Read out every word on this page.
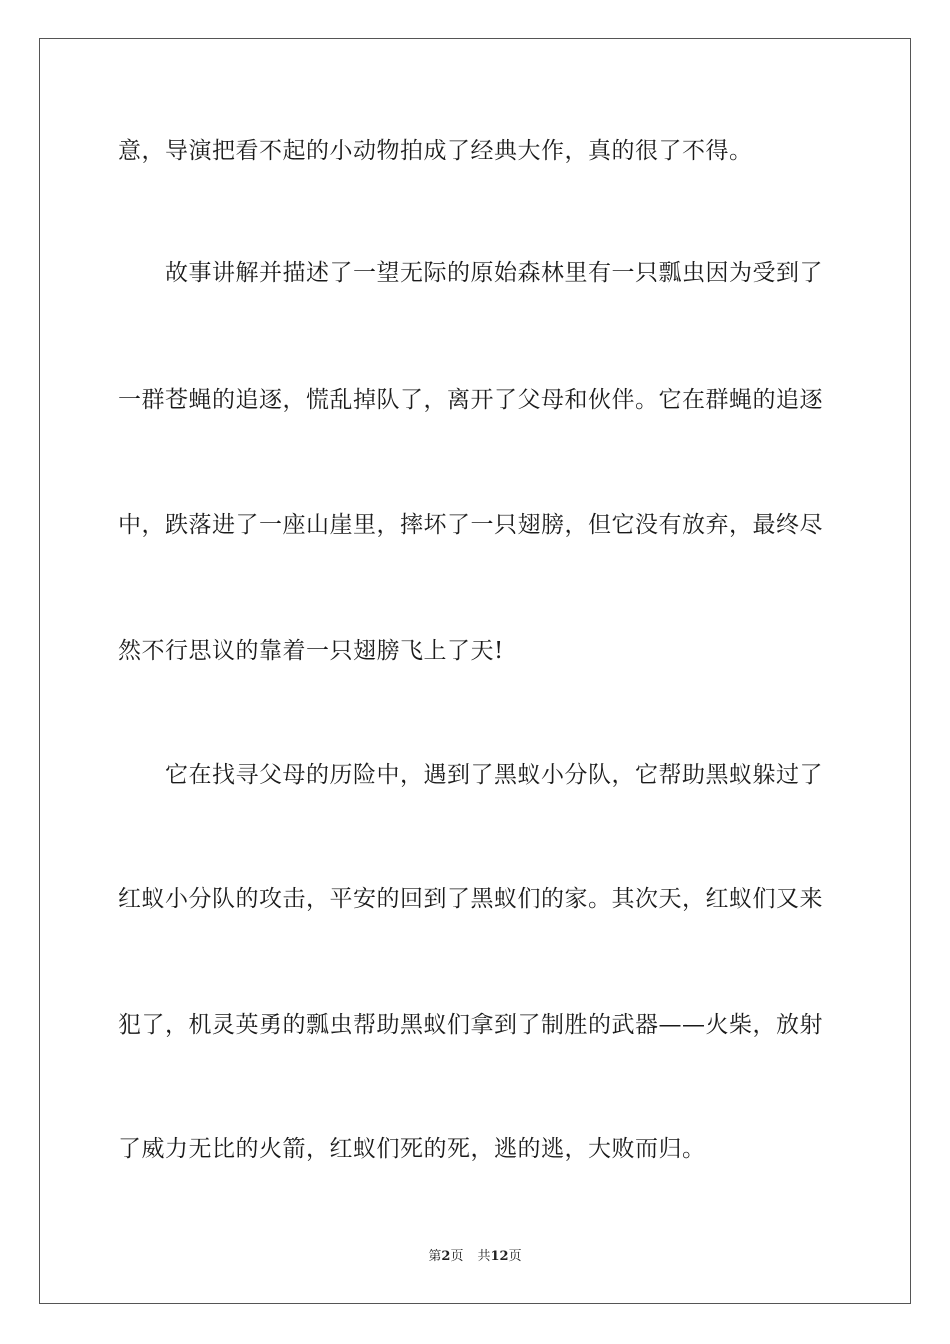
意，导演把看不起的小动物拍成了经典大作，真的很了不得。
　　故事讲解并描述了一望无际的原始森林里有一只瓢虫因为受到了
一群苍蝇的追逐，慌乱掉队了，离开了父母和伙伴。它在群蝇的追逐
中，跌落进了一座山崖里，摔坏了一只翅膀，但它没有放弃，最终尽
然不行思议的靠着一只翅膀飞上了天!
　　它在找寻父母的历险中，遇到了黑蚁小分队，它帮助黑蚁躲过了
红蚁小分队的攻击，平安的回到了黑蚁们的家。其次天，红蚁们又来
犯了，机灵英勇的瓢虫帮助黑蚁们拿到了制胜的武器——火柴，放射
了威力无比的火箭，红蚁们死的死，逃的逃，大败而归。
第2页 共12页
